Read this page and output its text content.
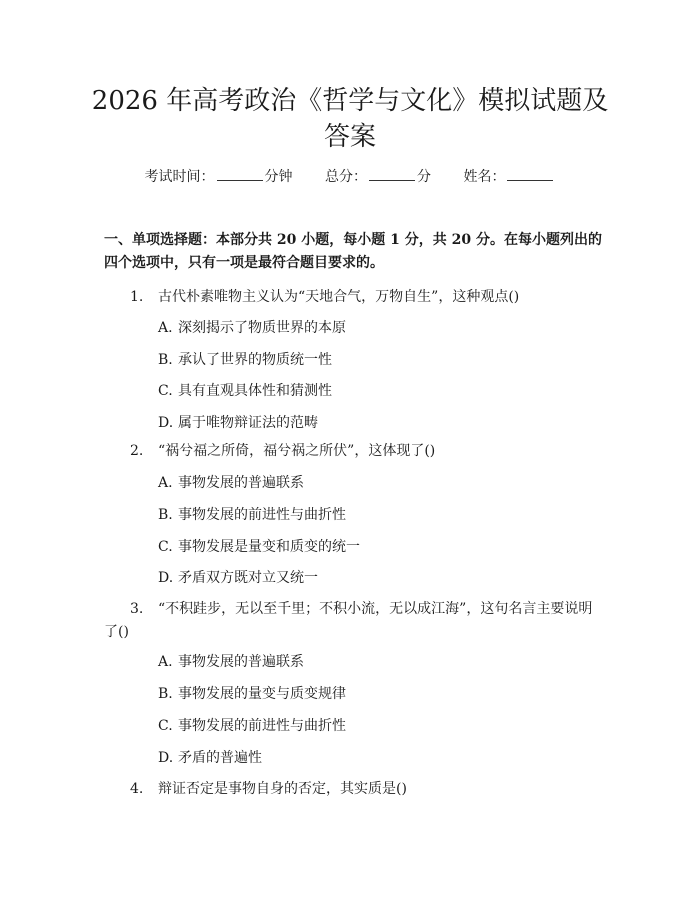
2026 年高考政治《哲学与文化》模拟试题及
答案
考试时间：	分钟 总分：	分 姓名：

一、单项选择题：本部分共 20 小题，每小题 1 分，共 20 分。在每小题列出的四个选项中，只有一项是最符合题目要求的。

1. 古代朴素唯物主义认为“天地合气，万物自生”，这种观点()
A. 深刻揭示了物质世界的本原
B. 承认了世界的物质统一性
C. 具有直观具体性和猜测性
D. 属于唯物辩证法的范畴
2. “祸兮福之所倚，福兮祸之所伏”，这体现了()
A. 事物发展的普遍联系
B. 事物发展的前进性与曲折性
C. 事物发展是量变和质变的统一
D. 矛盾双方既对立又统一
3. “不积跬步，无以至千里；不积小流，无以成江海”，这句名言主要说明了()
A. 事物发展的普遍联系
B. 事物发展的量变与质变规律
C. 事物发展的前进性与曲折性
D. 矛盾的普遍性
4. 辩证否定是事物自身的否定，其实质是()
